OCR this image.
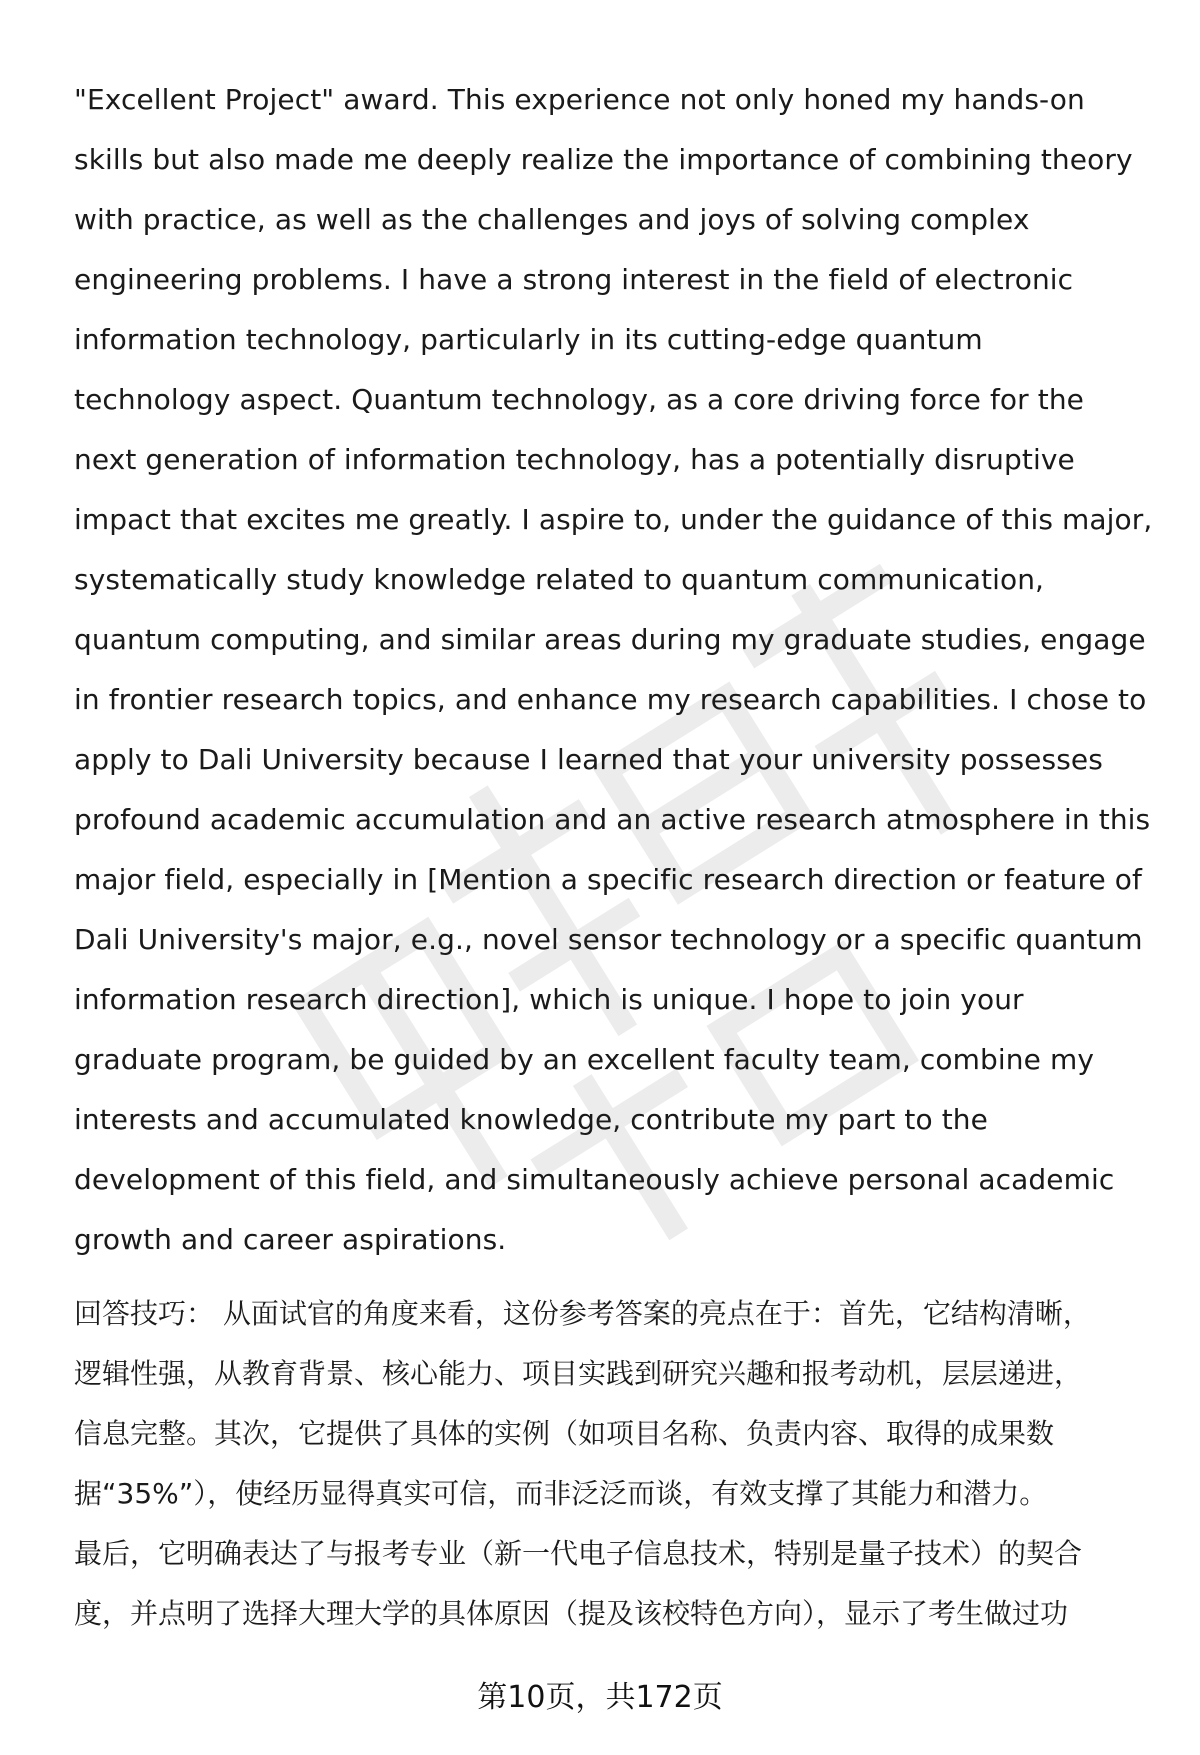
"Excellent Project" award. This experience not only honed my hands-on
skills but also made me deeply realize the importance of combining theory
with practice, as well as the challenges and joys of solving complex
engineering problems. I have a strong interest in the field of electronic
information technology, particularly in its cutting-edge quantum
technology aspect. Quantum technology, as a core driving force for the
next generation of information technology, has a potentially disruptive
impact that excites me greatly. I aspire to, under the guidance of this major,
systematically study knowledge related to quantum communication,
quantum computing, and similar areas during my graduate studies, engage
in frontier research topics, and enhance my research capabilities. I chose to
apply to Dali University because I learned that your university possesses
profound academic accumulation and an active research atmosphere in this
major field, especially in [Mention a specific research direction or feature of
Dali University's major, e.g., novel sensor technology or a specific quantum
information research direction], which is unique. I hope to join your
graduate program, be guided by an excellent faculty team, combine my
interests and accumulated knowledge, contribute my part to the
development of this field, and simultaneously achieve personal academic
growth and career aspirations.
回答技巧： 从面试官的角度来看，这份参考答案的亮点在于：首先，它结构清晰，
逻辑性强，从教育背景、核心能力、项目实践到研究兴趣和报考动机，层层递进，
信息完整。其次，它提供了具体的实例（如项目名称、负责内容、取得的成果数
据“35%”），使经历显得真实可信，而非泛泛而谈，有效支撑了其能力和潜力。
最后，它明确表达了与报考专业（新一代电子信息技术，特别是量子技术）的契合
度，并点明了选择大理大学的具体原因（提及该校特色方向），显示了考生做过功
第10页，共172页
